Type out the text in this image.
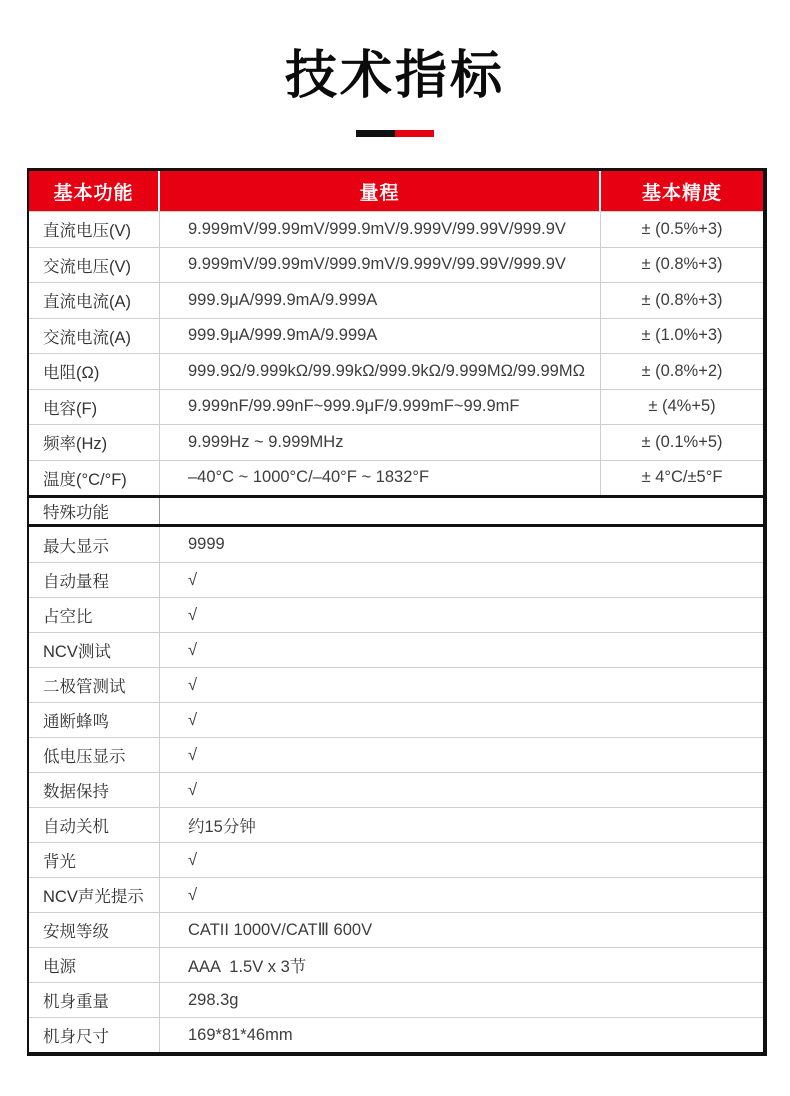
技术指标
基本功能	量程	基本精度
直流电压(V)	9.999mV/99.99mV/999.9mV/9.999V/99.99V/999.9V	± (0.5%+3)
交流电压(V)	9.999mV/99.99mV/999.9mV/9.999V/99.99V/999.9V	± (0.8%+3)
直流电流(A)	999.9μA/999.9mA/9.999A	± (0.8%+3)
交流电流(A)	999.9μA/999.9mA/9.999A	± (1.0%+3)
电阻(Ω)	999.9Ω/9.999kΩ/99.99kΩ/999.9kΩ/9.999MΩ/99.99MΩ	± (0.8%+2)
电容(F)	9.999nF/99.99nF~999.9μF/9.999mF~99.9mF	± (4%+5)
频率(Hz)	9.999Hz ~ 9.999MHz	± (0.1%+5)
温度(°C/°F)	–40°C ~ 1000°C/–40°F ~ 1832°F	± 4°C/±5°F
特殊功能
最大显示	9999
自动量程	√
占空比	√
NCV测试	√
二极管测试	√
通断蜂鸣	√
低电压显示	√
数据保持	√
自动关机	约15分钟
背光	√
NCV声光提示	√
安规等级	CATII 1000V/CATⅢ 600V
电源	AAA  1.5V x 3节
机身重量	298.3g
机身尺寸	169*81*46mm
